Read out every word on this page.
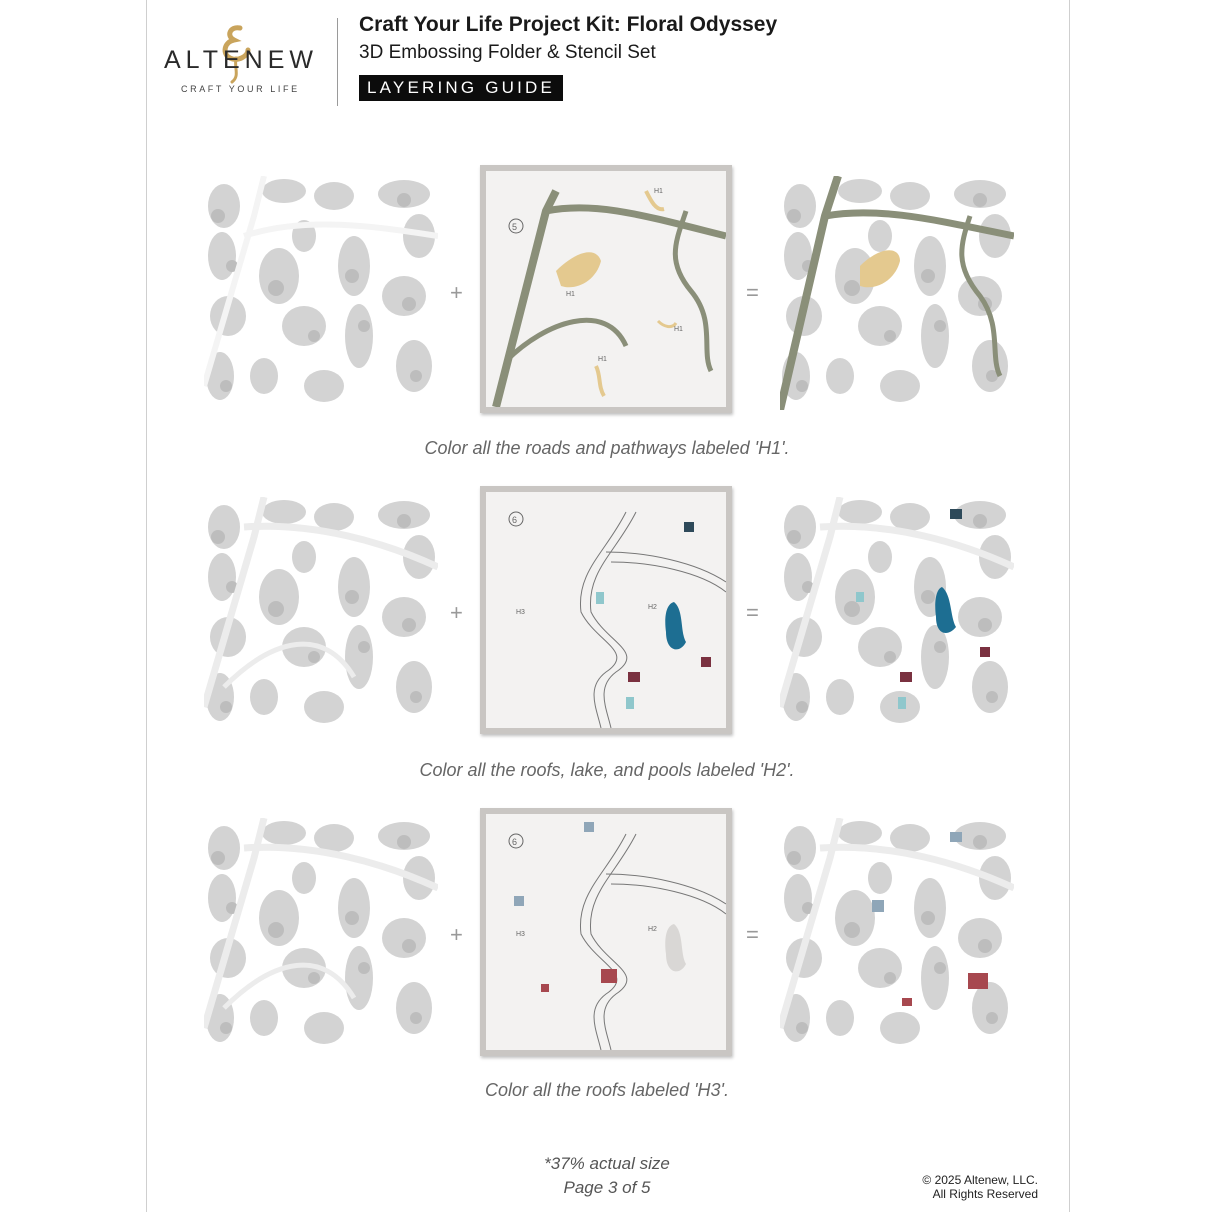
ALTENEW
CRAFT YOUR LIFE
Craft Your Life Project Kit: Floral Odyssey
3D Embossing Folder & Stencil Set
LAYERING GUIDE
+
5
H1
H1
H1
H1
=
Color all the roads and pathways labeled 'H1'.
+
6
H2
H3	=
Color all the roofs, lake, and pools labeled 'H2'.
+
6
H2
H3	=
Color all the roofs labeled 'H3'.
*37% actual size
Page 3 of 5	© 2025 Altenew, LLC.
All Rights Reserved
